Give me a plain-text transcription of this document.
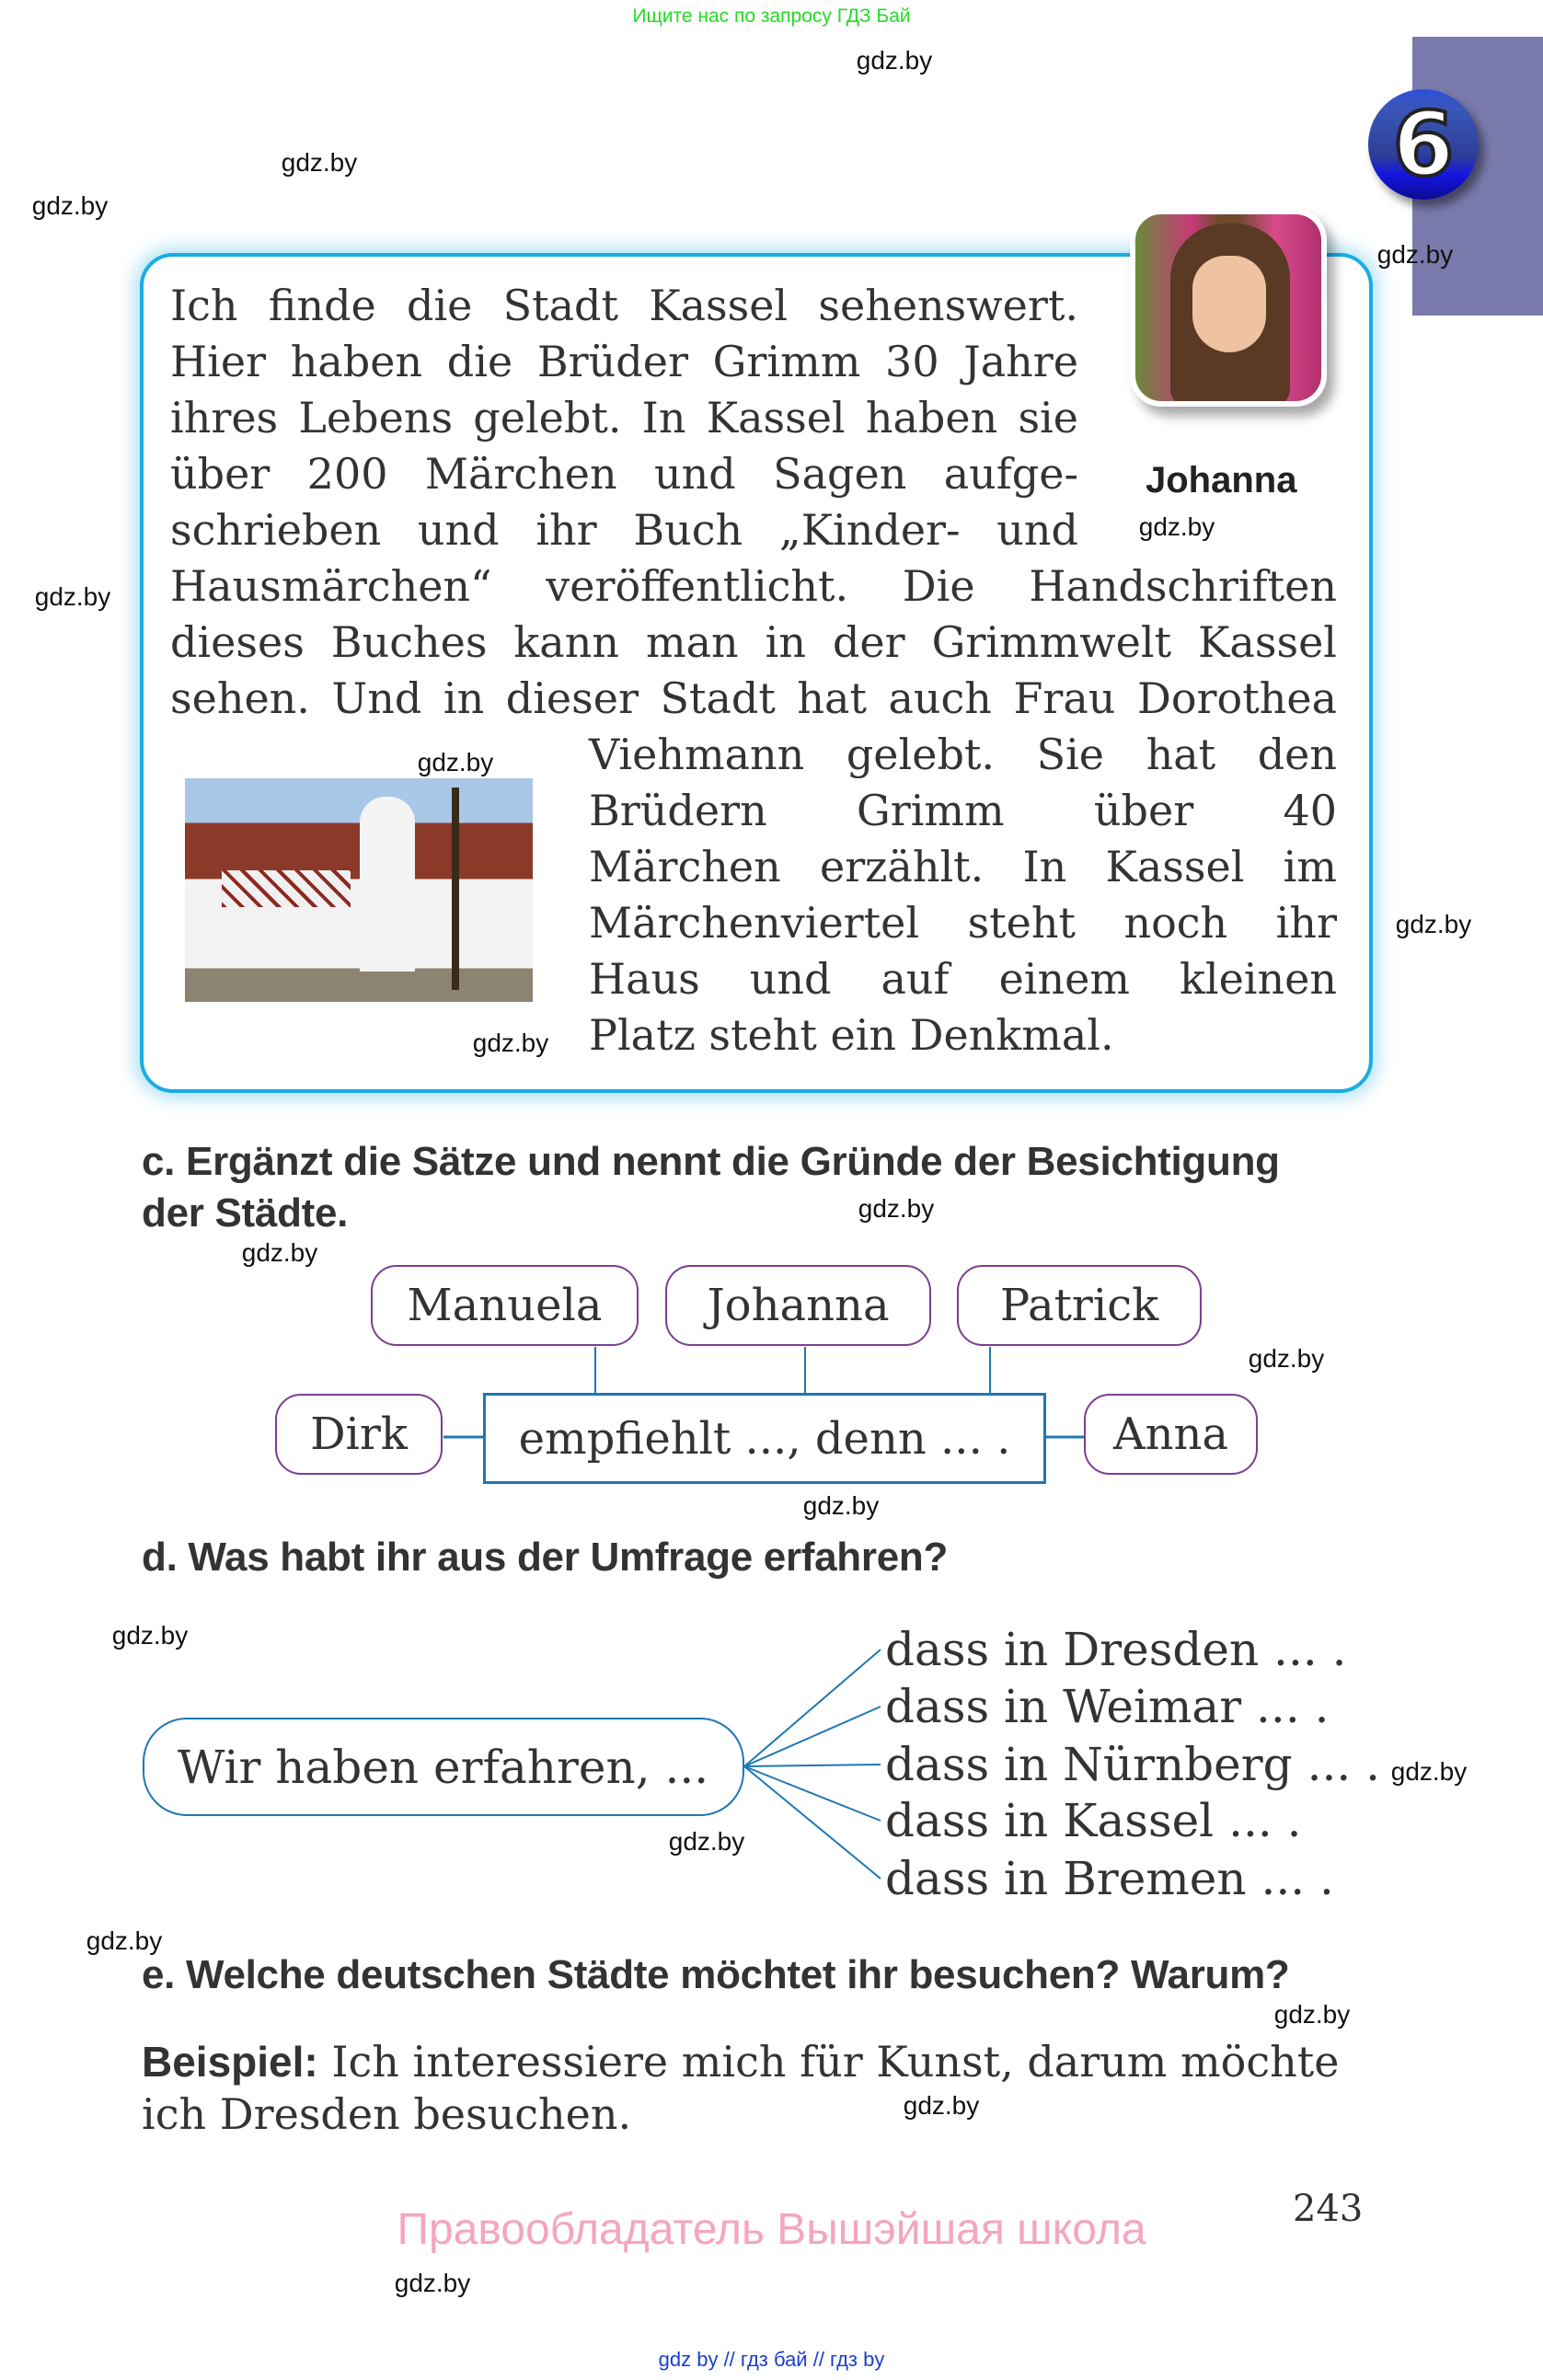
Ищите нас по запросу ГДЗ Бай
6
Johanna
Ich finde die Stadt Kassel sehenswert.
Hier haben die Brüder Grimm 30 Jahre
ihres Lebens gelebt. In Kassel haben sie
über 200 Märchen und Sagen aufge-
schrieben und ihr Buch „Kinder- und
Hausmärchen“ veröffentlicht. Die Handschriften
dieses Buches kann man in der Grimmwelt Kassel
sehen. Und in dieser Stadt hat auch Frau Dorothea
Viehmann gelebt. Sie hat den
Brüdern Grimm über 40
Märchen erzählt. In Kassel im
Märchenviertel steht noch ihr
Haus und auf einem kleinen
Platz steht ein Denkmal.
c. Ergänzt die Sätze und nennt die Gründe der Besichtigung
der Städte.
Manuela	Johanna	Patrick
Dirk	empfiehlt ..., denn ... .	Anna
d. Was habt ihr aus der Umfrage erfahren?
Wir haben erfahren, ...
dass in Dresden ... .
dass in Weimar ... .
dass in Nürnberg ... .
dass in Kassel ... .
dass in Bremen ... .
e. Welche deutschen Städte möchtet ihr besuchen? Warum?
Beispiel: Ich interessiere mich für Kunst, darum möchte
ich Dresden besuchen.
243
Правообладатель Вышэйшая школа
gdz by // гдз бай // гдз by
gdz.by
gdz.by
gdz.by
gdz.by
gdz.by
gdz.by
gdz.by
gdz.by
gdz.by
gdz.by
gdz.by
gdz.by
gdz.by
gdz.by
gdz.by
gdz.by
gdz.by
gdz.by
gdz.by
gdz.by
